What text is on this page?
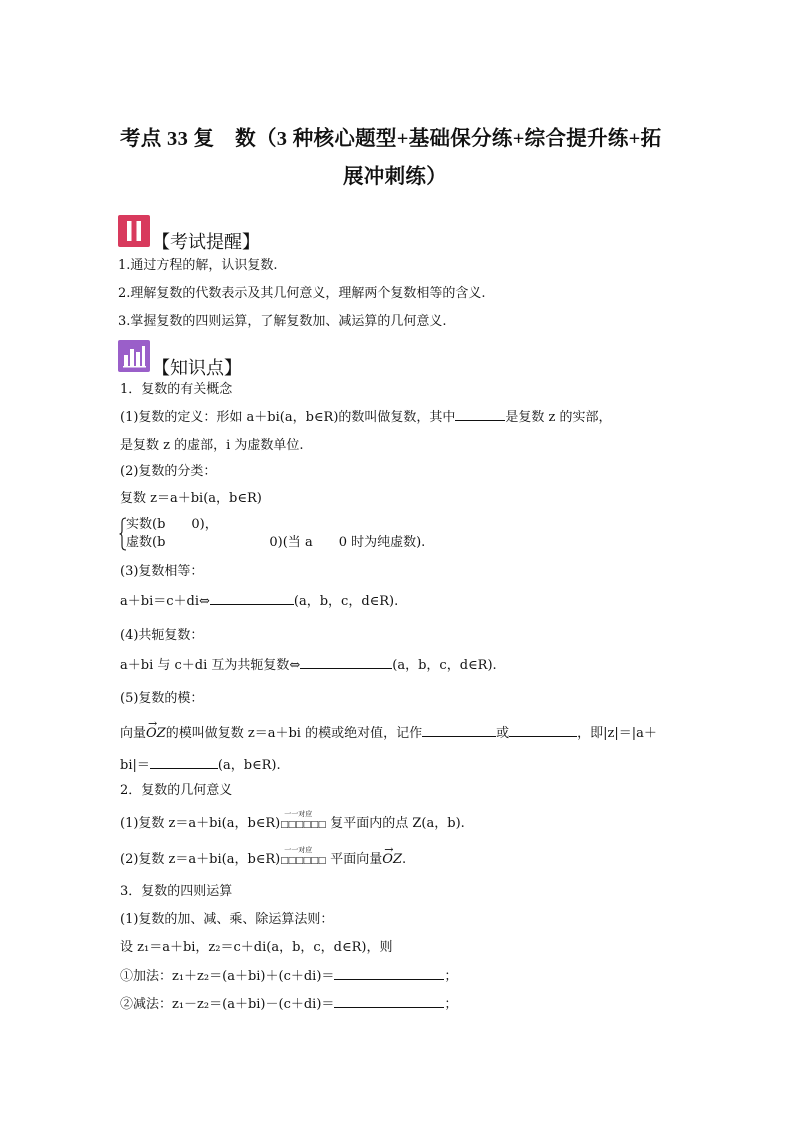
考点 33 复　数（3 种核心题型+基础保分练+综合提升练+拓
展冲刺练）
【考试提醒】
1.通过方程的解，认识复数.
2.理解复数的代数表示及其几何意义，理解两个复数相等的含义.
3.掌握复数的四则运算，了解复数加、减运算的几何意义.
【知识点】
1．复数的有关概念
(1)复数的定义：形如 a＋bi(a，b∈R)的数叫做复数，其中	是复数 z 的实部，
是复数 z 的虚部，i 为虚数单位.
(2)复数的分类：
复数 z＝a＋bi(a，b∈R)
实数(b　　0)，
虚数(b　　　　　　　　0)(当 a　　0 时为纯虚数).
(3)复数相等：
a＋bi＝c＋di⇔	(a，b，c，d∈R).
(4)共轭复数：
a＋bi 与 c＋di 互为共轭复数⇔	(a，b，c，d∈R).
(5)复数的模：
向量→ OZ的模叫做复数 z＝a＋bi 的模或绝对值，记作	或	，即|z|＝|a＋
bi|＝	(a，b∈R).
2．复数的几何意义
(1)复数 z＝a＋bi(a，b∈R)
一一对应
□□□□□□ 复平面内的点 Z(a，b).
(2)复数 z＝a＋bi(a，b∈R)
一一对应
□□□□□□ 平面向量→ OZ.
3．复数的四则运算
(1)复数的加、减、乘、除运算法则：
设 z₁＝a＋bi，z₂＝c＋di(a，b，c，d∈R)，则
①加法：z₁＋z₂＝(a＋bi)＋(c＋di)＝	；
②减法：z₁－z₂＝(a＋bi)－(c＋di)＝	；
